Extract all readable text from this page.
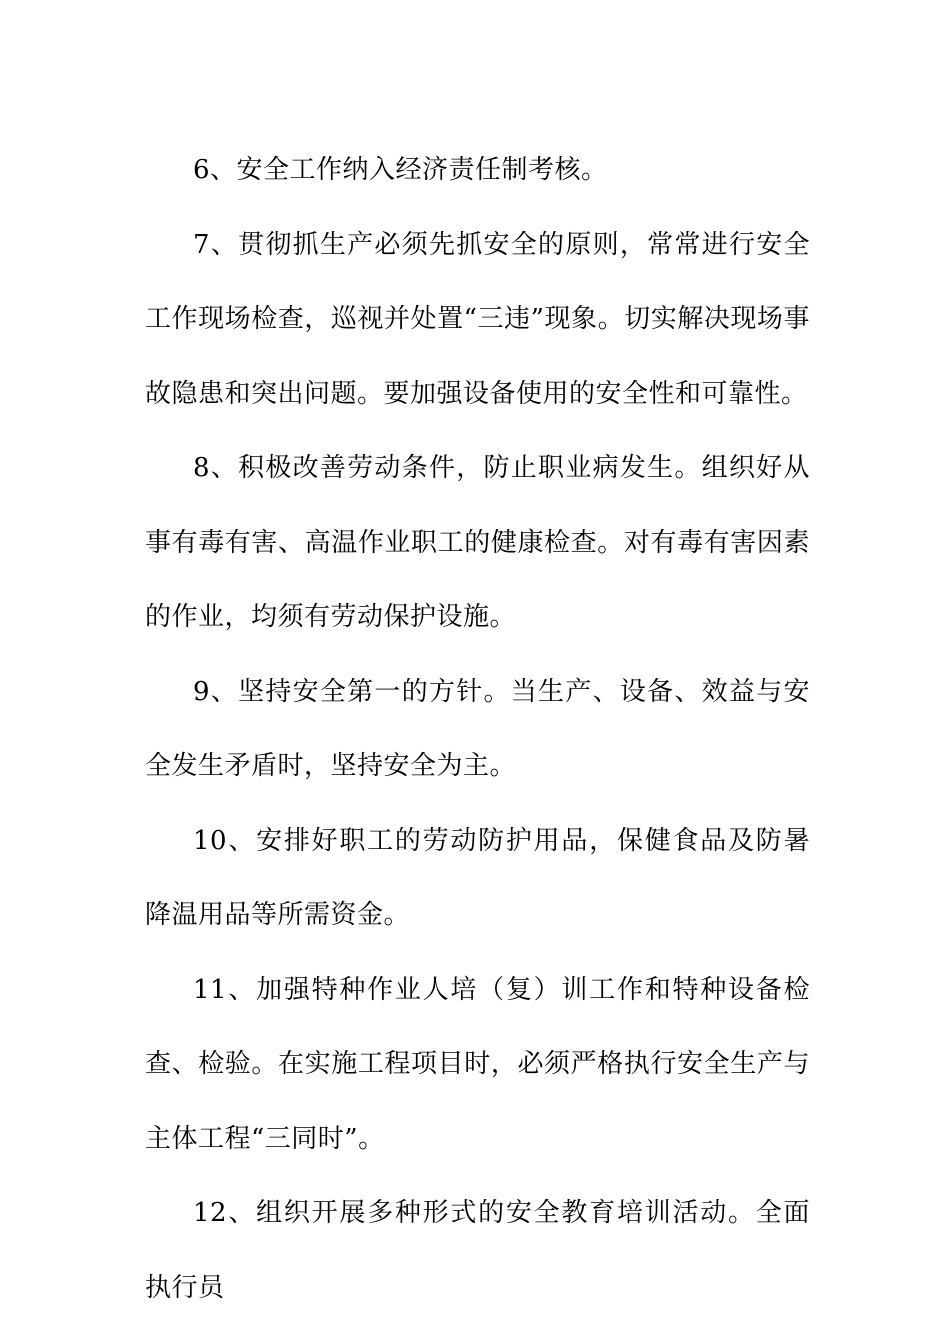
6、安全工作纳入经济责任制考核。

7、贯彻抓生产必须先抓安全的原则，常常进行安全工作现场检查，巡视并处置“三违”现象。切实解决现场事故隐患和突出问题。要加强设备使用的安全性和可靠性。

8、积极改善劳动条件，防止职业病发生。组织好从事有毒有害、高温作业职工的健康检查。对有毒有害因素的作业，均须有劳动保护设施。

9、坚持安全第一的方针。当生产、设备、效益与安全发生矛盾时，坚持安全为主。

10、安排好职工的劳动防护用品，保健食品及防暑降温用品等所需资金。

11、加强特种作业人培（复）训工作和特种设备检查、检验。在实施工程项目时，必须严格执行安全生产与主体工程“三同时”。

12、组织开展多种形式的安全教育培训活动。全面执行员
